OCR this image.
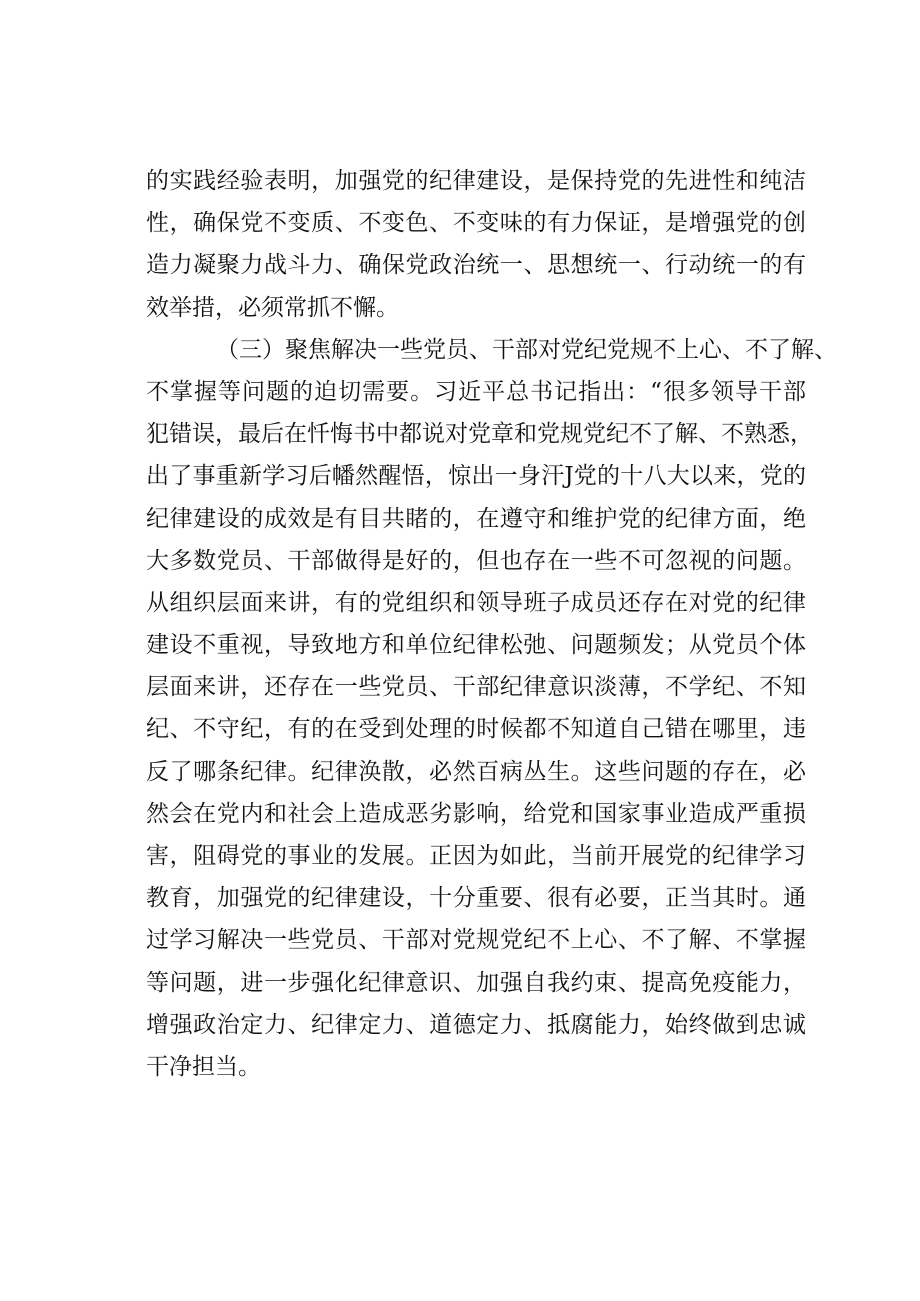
的实践经验表明，加强党的纪律建设，是保持党的先进性和纯洁
性，确保党不变质、不变色、不变味的有力保证，是增强党的创
造力凝聚力战斗力、确保党政治统一、思想统一、行动统一的有
效举措，必须常抓不懈。
（三）聚焦解决一些党员、干部对党纪党规不上心、不了解、
不掌握等问题的迫切需要。习近平总书记指出：“很多领导干部
犯错误，最后在忏悔书中都说对党章和党规党纪不了解、不熟悉，
出了事重新学习后幡然醒悟，惊出一身汗J党的十八大以来，党的
纪律建设的成效是有目共睹的，在遵守和维护党的纪律方面，绝
大多数党员、干部做得是好的，但也存在一些不可忽视的问题。
从组织层面来讲，有的党组织和领导班子成员还存在对党的纪律
建设不重视，导致地方和单位纪律松弛、问题频发；从党员个体
层面来讲，还存在一些党员、干部纪律意识淡薄，不学纪、不知
纪、不守纪，有的在受到处理的时候都不知道自己错在哪里，违
反了哪条纪律。纪律涣散，必然百病丛生。这些问题的存在，必
然会在党内和社会上造成恶劣影响，给党和国家事业造成严重损
害，阻碍党的事业的发展。正因为如此，当前开展党的纪律学习
教育，加强党的纪律建设，十分重要、很有必要，正当其时。通
过学习解决一些党员、干部对党规党纪不上心、不了解、不掌握
等问题，进一步强化纪律意识、加强自我约束、提高免疫能力，
增强政治定力、纪律定力、道德定力、抵腐能力，始终做到忠诚
干净担当。
